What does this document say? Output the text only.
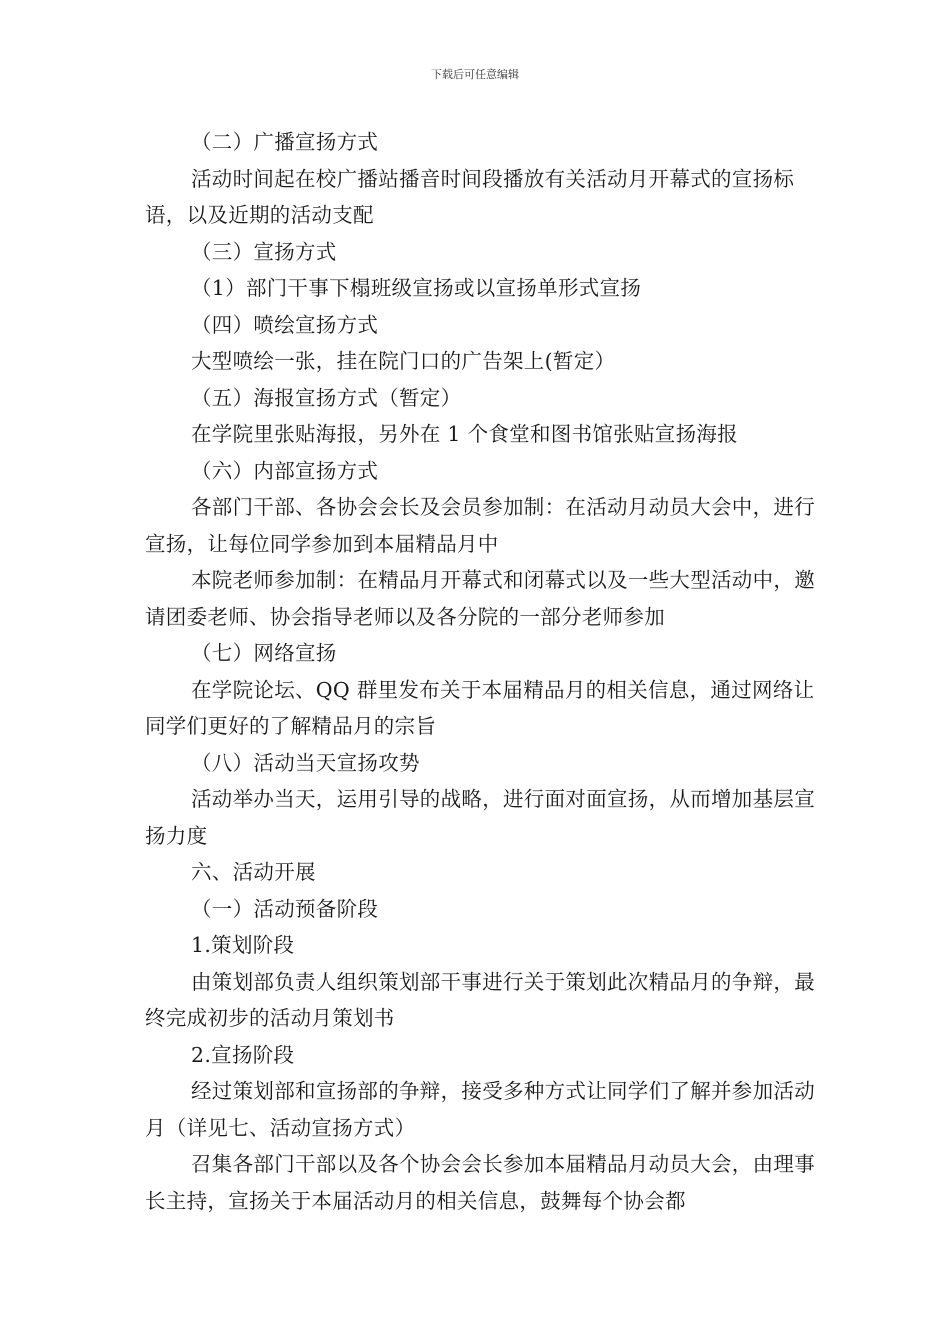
下载后可任意编辑

（二）广播宣扬方式

活动时间起在校广播站播音时间段播放有关活动月开幕式的宣扬标语，以及近期的活动支配

（三）宣扬方式

（1）部门干事下榻班级宣扬或以宣扬单形式宣扬

（四）喷绘宣扬方式

大型喷绘一张，挂在院门口的广告架上(暂定）

（五）海报宣扬方式（暂定）

在学院里张贴海报，另外在 1 个食堂和图书馆张贴宣扬海报

（六）内部宣扬方式

各部门干部、各协会会长及会员参加制：在活动月动员大会中，进行宣扬，让每位同学参加到本届精品月中

本院老师参加制：在精品月开幕式和闭幕式以及一些大型活动中，邀请团委老师、协会指导老师以及各分院的一部分老师参加

（七）网络宣扬

在学院论坛、QQ 群里发布关于本届精品月的相关信息，通过网络让同学们更好的了解精品月的宗旨

（八）活动当天宣扬攻势

活动举办当天，运用引导的战略，进行面对面宣扬，从而增加基层宣扬力度

六、活动开展

（一）活动预备阶段

1.策划阶段

由策划部负责人组织策划部干事进行关于策划此次精品月的争辩，最终完成初步的活动月策划书

2.宣扬阶段

经过策划部和宣扬部的争辩，接受多种方式让同学们了解并参加活动月（详见七、活动宣扬方式）

召集各部门干部以及各个协会会长参加本届精品月动员大会，由理事长主持，宣扬关于本届活动月的相关信息，鼓舞每个协会都
